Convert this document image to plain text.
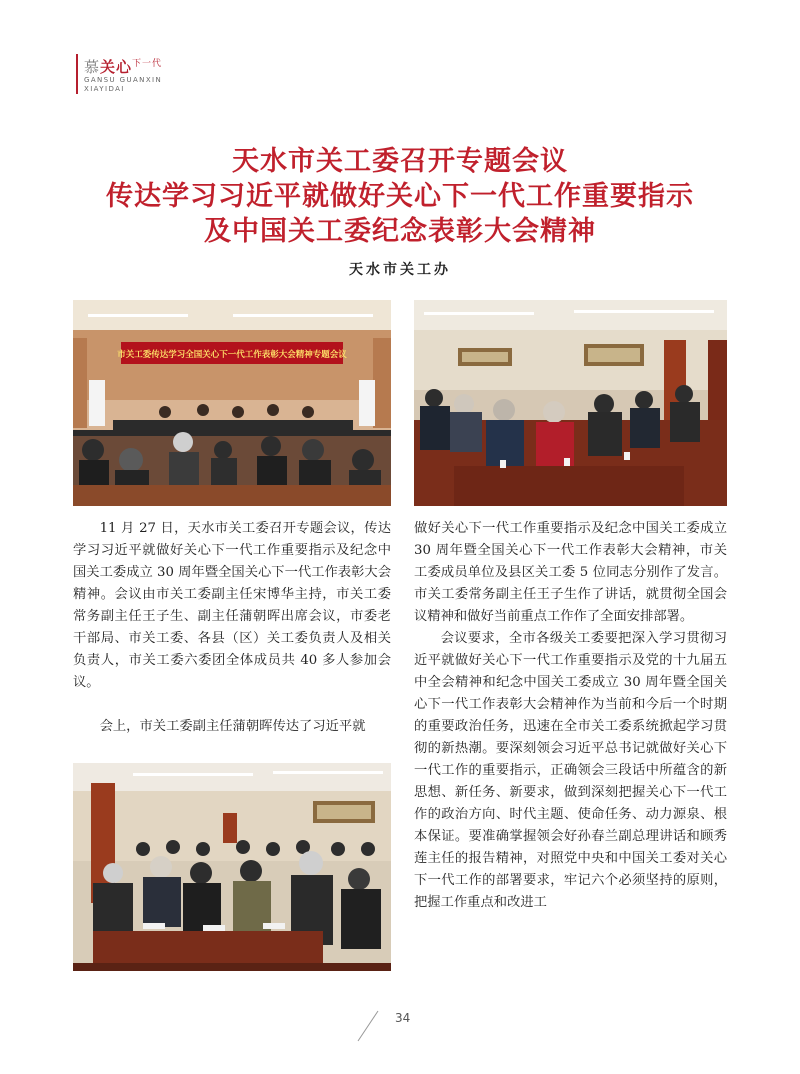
慕关心$^{下一代}$
GANSU GUANXIN
XIAYIDAI
天水市关工委召开专题会议
传达学习习近平就做好关心下一代工作重要指示
及中国关工委纪念表彰大会精神
天水市关工办
市关工委传达学习全国关心下一代工作表彰大会精神专题会议

11 月 27 日，天水市关工委召开专题会议，传达学习习近平就做好关心下一代工作重要指示及纪念中国关工委成立 30 周年暨全国关心下一代工作表彰大会精神。会议由市关工委副主任宋博华主持，市关工委常务副主任王子生、副主任蒲朝晖出席会议，市委老干部局、市关工委、各县（区）关工委负责人及相关负责人，市关工委六委团全体成员共 40 多人参加会议。

会上，市关工委副主任蒲朝晖传达了习近平就

做好关心下一代工作重要指示及纪念中国关工委成立 30 周年暨全国关心下一代工作表彰大会精神，市关工委成员单位及县区关工委 5 位同志分别作了发言。市关工委常务副主任王子生作了讲话，就贯彻全国会议精神和做好当前重点工作作了全面安排部署。

会议要求，全市各级关工委要把深入学习贯彻习近平就做好关心下一代工作重要指示及党的十九届五中全会精神和纪念中国关工委成立 30 周年暨全国关心下一代工作表彰大会精神作为当前和今后一个时期的重要政治任务，迅速在全市关工委系统掀起学习贯彻的新热潮。要深刻领会习近平总书记就做好关心下一代工作的重要指示，正确领会三段话中所蕴含的新思想、新任务、新要求，做到深刻把握关心下一代工作的政治方向、时代主题、使命任务、动力源泉、根本保证。要准确掌握领会好孙春兰副总理讲话和顾秀莲主任的报告精神，对照党中央和中国关工委对关心下一代工作的部署要求，牢记六个必须坚持的原则，把握工作重点和改进工

34
